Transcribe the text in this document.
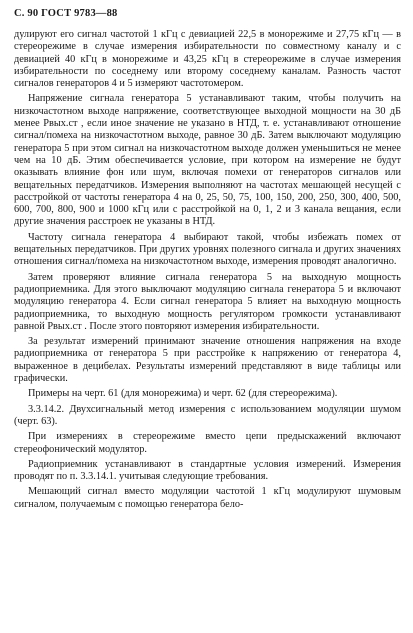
С. 90 ГОСТ 9783—88

дулируют его сигнал частотой 1 кГц с девиацией 22,5 в монорежиме и 27,75 кГц — в стереорежиме в случае измерения избирательности по совместному каналу и с девиацией 40 кГц в монорежиме и 43,25 кГц в стереорежиме в случае измерения избирательности по соседнему или второму соседнему каналам. Разность частот сигналов генераторов 4 и 5 измеряют частотомером.

Напряжение сигнала генератора 5 устанавливают таким, чтобы получить на низкочастотном выходе напряжение, соответствующее выходной мощности на 30 дБ менее Pвых.ст , если иное значение не указано в НТД, т. е. устанавливают отношение сигнал/помеха на низкочастотном выходе, равное 30 дБ. Затем выключают модуляцию генератора 5 при этом сигнал на низкочастотном выходе должен уменьшиться не менее чем на 10 дБ. Этим обеспечивается условие, при котором на измерение не будут оказывать влияние фон или шум, включая помехи от генераторов сигналов или вещательных передатчиков. Измерения выполняют на частотах мешающей несущей с расстройкой от частоты генератора 4 на 0, 25, 50, 75, 100, 150, 200, 250, 300, 400, 500, 600, 700, 800, 900 и 1000 кГц или с расстройкой на 0, 1, 2 и 3 канала вещания, если другие значения расстроек не указаны в НТД.

Частоту сигнала генератора 4 выбирают такой, чтобы избежать помех от вещательных передатчиков. При других уровнях полезного сигнала и других значениях отношения сигнал/помеха на низкочастотном выходе, измерения проводят аналогично.

Затем проверяют влияние сигнала генератора 5 на выходную мощность радиоприемника. Для этого выключают модуляцию сигнала генератора 5 и включают модуляцию генератора 4. Если сигнал генератора 5 влияет на выходную мощность радиоприемника, то выходную мощность регулятором громкости устанавливают равной Pвых.ст . После этого повторяют измерения избирательности.

За результат измерений принимают значение отношения напряжения на входе радиоприемника от генератора 5 при расстройке к напряжению от генератора 4, выраженное в децибелах. Результаты измерений представляют в виде таблицы или графически.

Примеры на черт. 61 (для монорежима) и черт. 62 (для стереорежима).

3.3.14.2. Двухсигнальный метод измерения с использованием модуляции шумом (черт. 63).

При измерениях в стереорежиме вместо цепи предыскажений включают стереофонический модулятор.

Радиоприемник устанавливают в стандартные условия измерений. Измерения проводят по п. 3.3.14.1. учитывая следующие требования.

Мешающий сигнал вместо модуляции частотой 1 кГц модулируют шумовым сигналом, получаемым с помощью генератора бело-
